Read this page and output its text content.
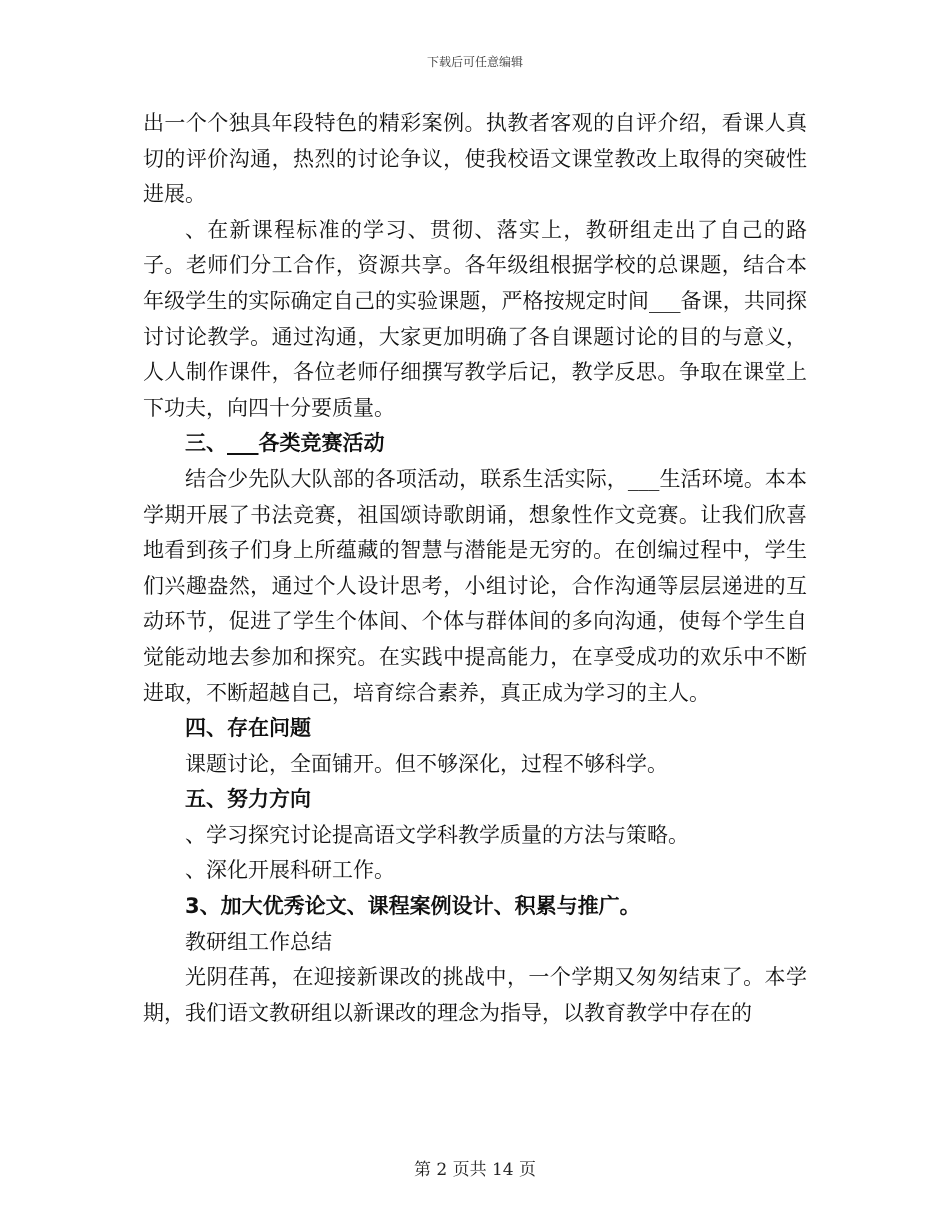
下载后可任意编辑

出一个个独具年段特色的精彩案例。执教者客观的自评介绍，看课人真切的评价沟通，热烈的讨论争议，使我校语文课堂教改上取得的突破性进展。

、在新课程标准的学习、贯彻、落实上，教研组走出了自己的路子。老师们分工合作，资源共享。各年级组根据学校的总课题，结合本年级学生的实际确定自己的实验课题，严格按规定时间___备课，共同探讨讨论教学。通过沟通，大家更加明确了各自课题讨论的目的与意义，人人制作课件，各位老师仔细撰写教学后记，教学反思。争取在课堂上下功夫，向四十分要质量。

三、___各类竞赛活动

结合少先队大队部的各项活动，联系生活实际，___生活环境。本本学期开展了书法竞赛，祖国颂诗歌朗诵，想象性作文竞赛。让我们欣喜地看到孩子们身上所蕴藏的智慧与潜能是无穷的。在创编过程中，学生们兴趣盎然，通过个人设计思考，小组讨论，合作沟通等层层递进的互动环节，促进了学生个体间、个体与群体间的多向沟通，使每个学生自觉能动地去参加和探究。在实践中提高能力，在享受成功的欢乐中不断进取，不断超越自己，培育综合素养，真正成为学习的主人。

四、存在问题

课题讨论，全面铺开。但不够深化，过程不够科学。

五、努力方向

、学习探究讨论提高语文学科教学质量的方法与策略。

、深化开展科研工作。

3、加大优秀论文、课程案例设计、积累与推广。

教研组工作总结

光阴荏苒，在迎接新课改的挑战中，一个学期又匆匆结束了。本学期，我们语文教研组以新课改的理念为指导，以教育教学中存在的

第 2 页共 14 页
